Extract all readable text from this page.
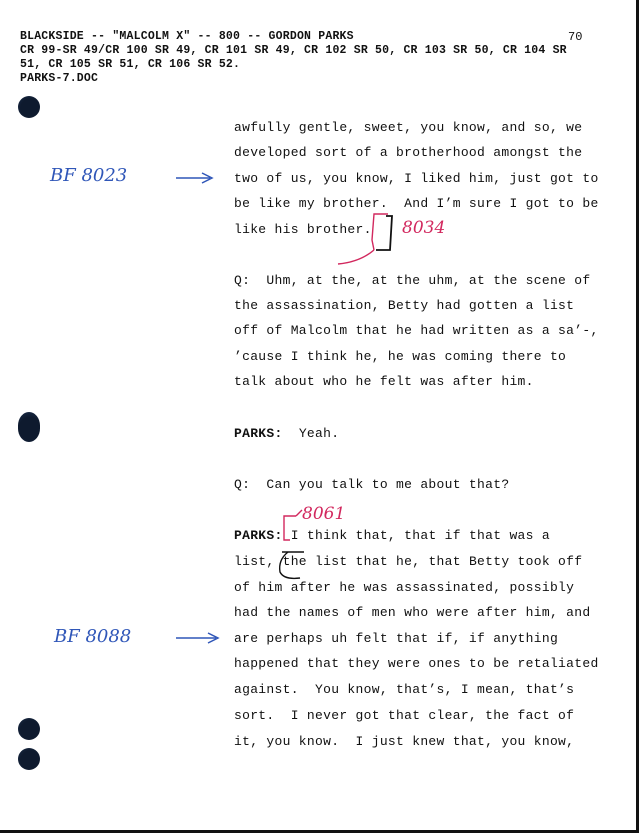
BLACKSIDE -- "MALCOLM X" -- 800 -- GORDON PARKS	70
CR 99-SR 49/CR 100 SR 49, CR 101 SR 49, CR 102 SR 50, CR 103 SR 50, CR 104 SR
51, CR 105 SR 51, CR 106 SR 52.
PARKS-7.DOC
awfully gentle, sweet, you know, and so, we
developed sort of a brotherhood amongst the
two of us, you know, I liked him, just got to
be like my brother.  And I’m sure I got to be
like his brother.
Q:  Uhm, at the, at the uhm, at the scene of
the assassination, Betty had gotten a list
off of Malcolm that he had written as a sa’-,
’cause I think he, he was coming there to
talk about who he felt was after him.
PARKS: Yeah.
Q:  Can you talk to me about that?
PARKS: I think that, that if that was a
list, the list that he, that Betty took off
of him after he was assassinated, possibly
had the names of men who were after him, and
are perhaps uh felt that if, if anything
happened that they were ones to be retaliated
against.  You know, that’s, I mean, that’s
sort.  I never got that clear, the fact of
it, you know.  I just knew that, you know,
BF 8023
8034
8061
BF 8088
